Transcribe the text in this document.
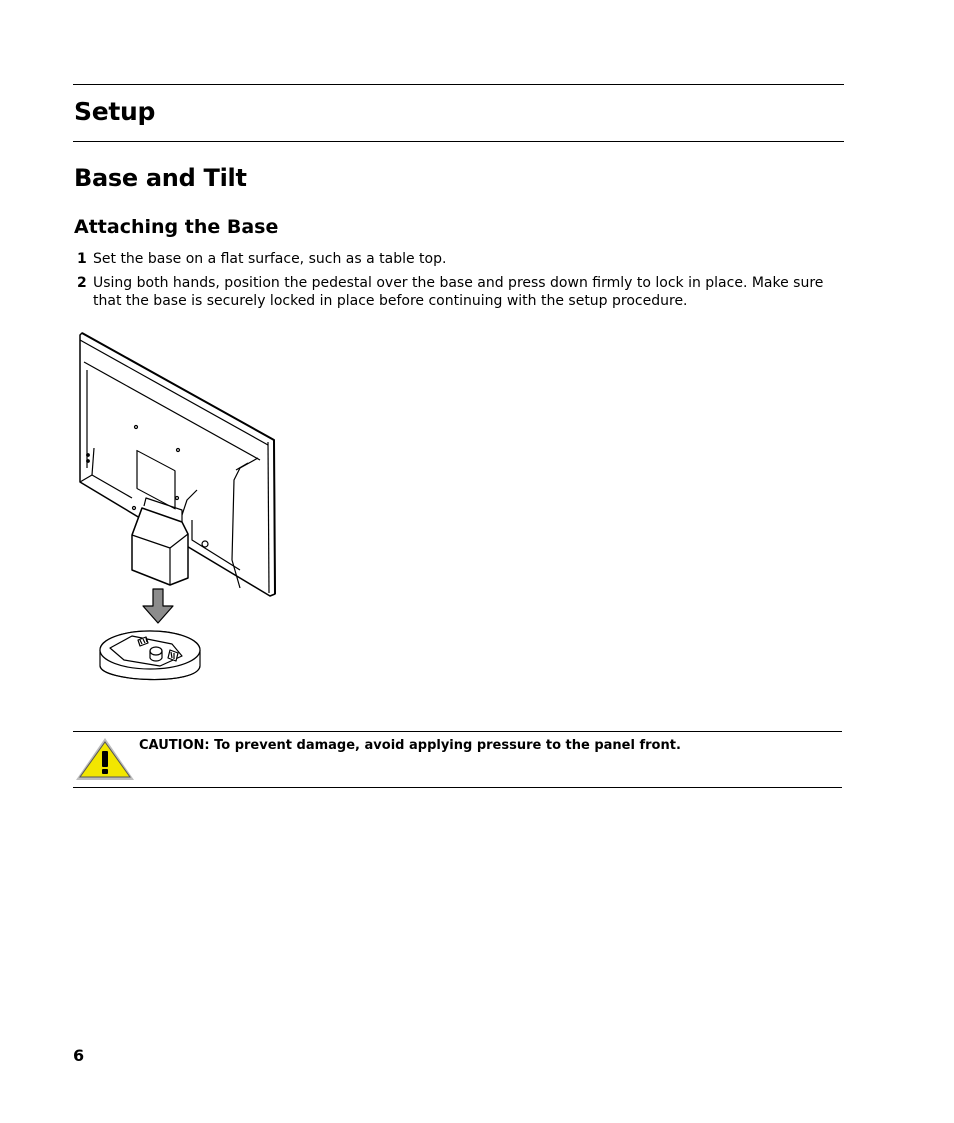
Setup
Base and Tilt
Attaching the Base
1 Set the base on a flat surface, such as a table top.
2 Using both hands, position the pedestal over the base and press down firmly to lock in place. Make sure that the base is securely locked in place before continuing with the setup procedure.
CAUTION: To prevent damage, avoid applying pressure to the panel front.
6
